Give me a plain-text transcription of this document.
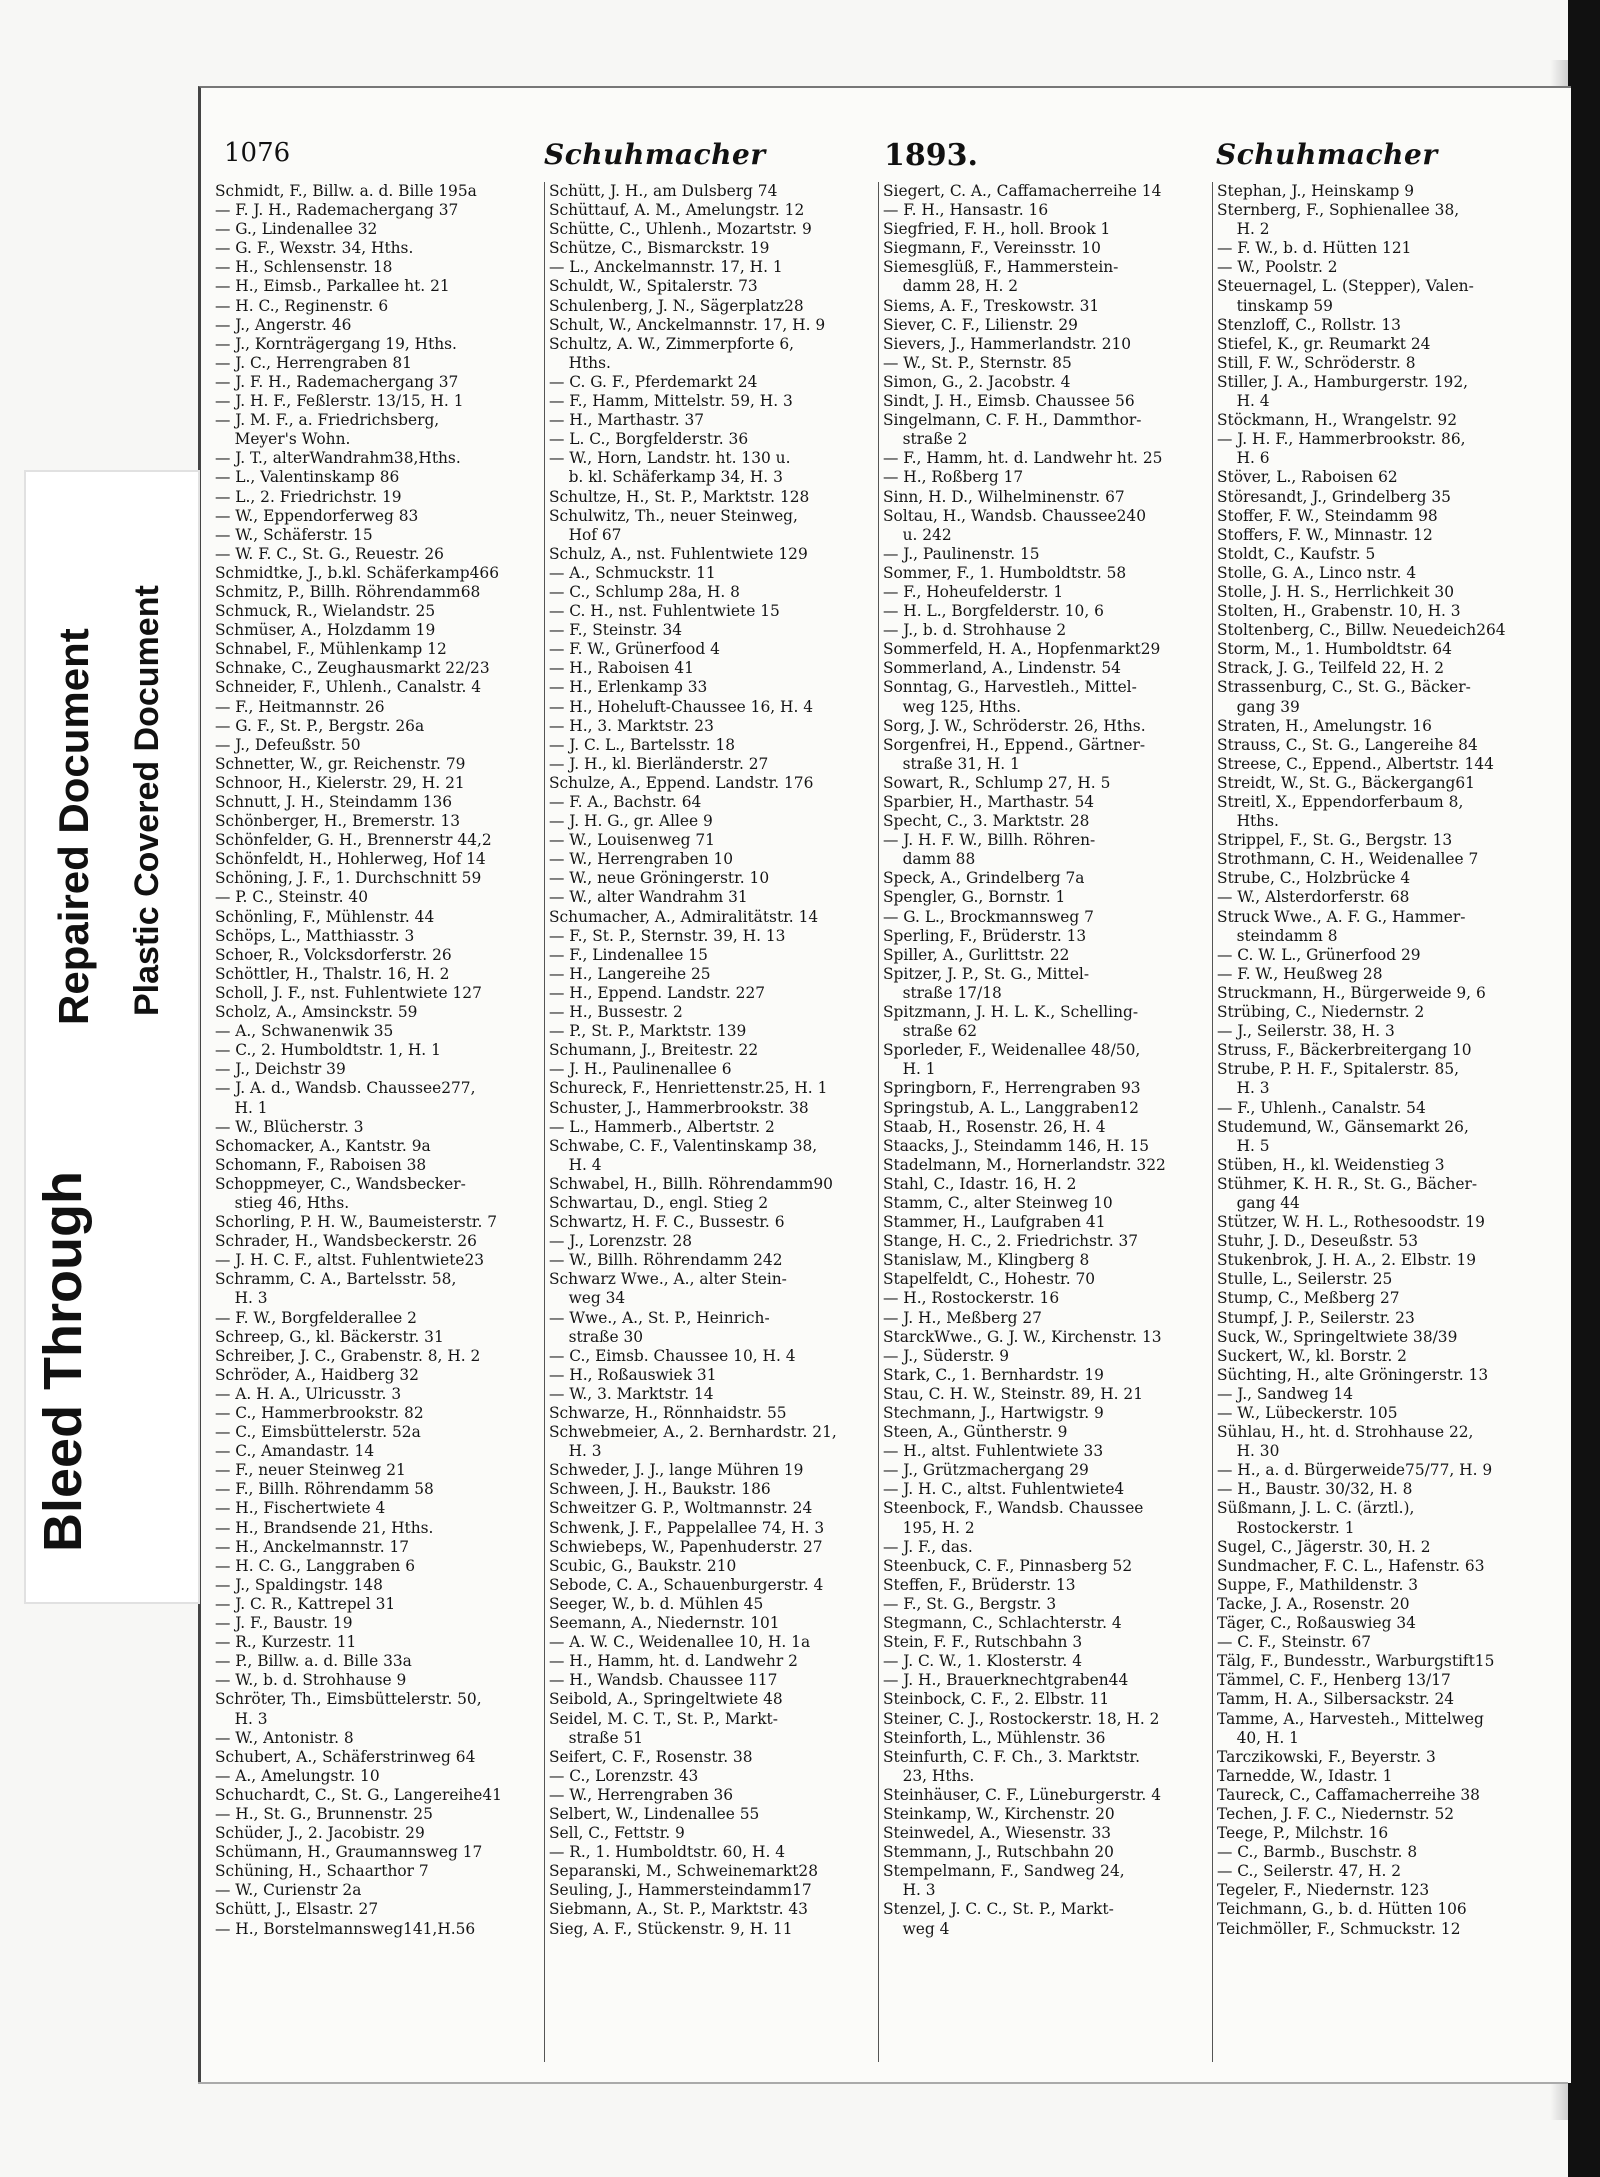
1076	Schuhmacher	1893.	Schuhmacher
Schmidt, F., Billw. a. d. Bille 195a
— F. J. H., Rademachergang 37
— G., Lindenallee 32
— G. F., Wexstr. 34, Hths.
— H., Schlensenstr. 18
— H., Eimsb., Parkallee ht. 21
— H. C., Reginenstr. 6
— J., Angerstr. 46
— J., Kornträgergang 19, Hths.
— J. C., Herrengraben 81
— J. F. H., Rademachergang 37
— J. H. F., Feßlerstr. 13/15, H. 1
— J. M. F., a. Friedrichsberg,
Meyer's Wohn.
— J. T., alterWandrahm38,Hths.
— L., Valentinskamp 86
— L., 2. Friedrichstr. 19
— W., Eppendorferweg 83
— W., Schäferstr. 15
— W. F. C., St. G., Reuestr. 26
Schmidtke, J., b.kl. Schäferkamp466
Schmitz, P., Billh. Röhrendamm68
Schmuck, R., Wielandstr. 25
Schmüser, A., Holzdamm 19
Schnabel, F., Mühlenkamp 12
Schnake, C., Zeughausmarkt 22/23
Schneider, F., Uhlenh., Canalstr. 4
— F., Heitmannstr. 26
— G. F., St. P., Bergstr. 26a
— J., Defeußstr. 50
Schnetter, W., gr. Reichenstr. 79
Schnoor, H., Kielerstr. 29, H. 21
Schnutt, J. H., Steindamm 136
Schönberger, H., Bremerstr. 13
Schönfelder, G. H., Brennerstr 44,2
Schönfeldt, H., Hohlerweg, Hof 14
Schöning, J. F., 1. Durchschnitt 59
— P. C., Steinstr. 40
Schönling, F., Mühlenstr. 44
Schöps, L., Matthiasstr. 3
Schoer, R., Volcksdorferstr. 26
Schöttler, H., Thalstr. 16, H. 2
Scholl, J. F., nst. Fuhlentwiete 127
Scholz, A., Amsinckstr. 59
— A., Schwanenwik 35
— C., 2. Humboldtstr. 1, H. 1
— J., Deichstr 39
— J. A. d., Wandsb. Chaussee277,
H. 1
— W., Blücherstr. 3
Schomacker, A., Kantstr. 9a
Schomann, F., Raboisen 38
Schoppmeyer, C., Wandsbecker-
stieg 46, Hths.
Schorling, P. H. W., Baumeisterstr. 7
Schrader, H., Wandsbeckerstr. 26
— J. H. C. F., altst. Fuhlentwiete23
Schramm, C. A., Bartelsstr. 58,
H. 3
— F. W., Borgfelderallee 2
Schreep, G., kl. Bäckerstr. 31
Schreiber, J. C., Grabenstr. 8, H. 2
Schröder, A., Haidberg 32
— A. H. A., Ulricusstr. 3
— C., Hammerbrookstr. 82
— C., Eimsbüttelerstr. 52a
— C., Amandastr. 14
— F., neuer Steinweg 21
— F., Billh. Röhrendamm 58
— H., Fischertwiete 4
— H., Brandsende 21, Hths.
— H., Anckelmannstr. 17
— H. C. G., Langgraben 6
— J., Spaldingstr. 148
— J. C. R., Kattrepel 31
— J. F., Baustr. 19
— R., Kurzestr. 11
— P., Billw. a. d. Bille 33a
— W., b. d. Strohhause 9
Schröter, Th., Eimsbüttelerstr. 50,
H. 3
— W., Antonistr. 8
Schubert, A., Schäferstrinweg 64
— A., Amelungstr. 10
Schuchardt, C., St. G., Langereihe41
— H., St. G., Brunnenstr. 25
Schüder, J., 2. Jacobistr. 29
Schümann, H., Graumannsweg 17
Schüning, H., Schaarthor 7
— W., Curienstr 2a
Schütt, J., Elsastr. 27
— H., Borstelmannsweg141,H.56
Schütt, J. H., am Dulsberg 74
Schüttauf, A. M., Amelungstr. 12
Schütte, C., Uhlenh., Mozartstr. 9
Schütze, C., Bismarckstr. 19
— L., Anckelmannstr. 17, H. 1
Schuldt, W., Spitalerstr. 73
Schulenberg, J. N., Sägerplatz28
Schult, W., Anckelmannstr. 17, H. 9
Schultz, A. W., Zimmerpforte 6,
Hths.
— C. G. F., Pferdemarkt 24
— F., Hamm, Mittelstr. 59, H. 3
— H., Marthastr. 37
— L. C., Borgfelderstr. 36
— W., Horn, Landstr. ht. 130 u.
b. kl. Schäferkamp 34, H. 3
Schultze, H., St. P., Marktstr. 128
Schulwitz, Th., neuer Steinweg,
Hof 67
Schulz, A., nst. Fuhlentwiete 129
— A., Schmuckstr. 11
— C., Schlump 28a, H. 8
— C. H., nst. Fuhlentwiete 15
— F., Steinstr. 34
— F. W., Grünerfood 4
— H., Raboisen 41
— H., Erlenkamp 33
— H., Hoheluft-Chaussee 16, H. 4
— H., 3. Marktstr. 23
— J. C. L., Bartelsstr. 18
— J. H., kl. Bierländerstr. 27
Schulze, A., Eppend. Landstr. 176
— F. A., Bachstr. 64
— J. H. G., gr. Allee 9
— W., Louisenweg 71
— W., Herrengraben 10
— W., neue Gröningerstr. 10
— W., alter Wandrahm 31
Schumacher, A., Admiralitätstr. 14
— F., St. P., Sternstr. 39, H. 13
— F., Lindenallee 15
— H., Langereihe 25
— H., Eppend. Landstr. 227
— H., Bussestr. 2
— P., St. P., Marktstr. 139
Schumann, J., Breitestr. 22
— J. H., Paulinenallee 6
Schureck, F., Henriettenstr.25, H. 1
Schuster, J., Hammerbrookstr. 38
— L., Hammerb., Albertstr. 2
Schwabe, C. F., Valentinskamp 38,
H. 4
Schwabel, H., Billh. Röhrendamm90
Schwartau, D., engl. Stieg 2
Schwartz, H. F. C., Bussestr. 6
— J., Lorenzstr. 28
— W., Billh. Röhrendamm 242
Schwarz Wwe., A., alter Stein-
weg 34
— Wwe., A., St. P., Heinrich-
straße 30
— C., Eimsb. Chaussee 10, H. 4
— H., Roßauswiek 31
— W., 3. Marktstr. 14
Schwarze, H., Rönnhaidstr. 55
Schwebmeier, A., 2. Bernhardstr. 21,
H. 3
Schweder, J. J., lange Mühren 19
Schween, J. H., Baukstr. 186
Schweitzer G. P., Woltmannstr. 24
Schwenk, J. F., Pappelallee 74, H. 3
Schwiebeps, W., Papenhuderstr. 27
Scubic, G., Baukstr. 210
Sebode, C. A., Schauenburgerstr. 4
Seeger, W., b. d. Mühlen 45
Seemann, A., Niedernstr. 101
— A. W. C., Weidenallee 10, H. 1a
— H., Hamm, ht. d. Landwehr 2
— H., Wandsb. Chaussee 117
Seibold, A., Springeltwiete 48
Seidel, M. C. T., St. P., Markt-
straße 51
Seifert, C. F., Rosenstr. 38
— C., Lorenzstr. 43
— W., Herrengraben 36
Selbert, W., Lindenallee 55
Sell, C., Fettstr. 9
— R., 1. Humboldtstr. 60, H. 4
Separanski, M., Schweinemarkt28
Seuling, J., Hammersteindamm17
Siebmann, A., St. P., Marktstr. 43
Sieg, A. F., Stückenstr. 9, H. 11
Siegert, C. A., Caffamacherreihe 14
— F. H., Hansastr. 16
Siegfried, F. H., holl. Brook 1
Siegmann, F., Vereinsstr. 10
Siemesglüß, F., Hammerstein-
damm 28, H. 2
Siems, A. F., Treskowstr. 31
Siever, C. F., Lilienstr. 29
Sievers, J., Hammerlandstr. 210
— W., St. P., Sternstr. 85
Simon, G., 2. Jacobstr. 4
Sindt, J. H., Eimsb. Chaussee 56
Singelmann, C. F. H., Dammthor-
straße 2
— F., Hamm, ht. d. Landwehr ht. 25
— H., Roßberg 17
Sinn, H. D., Wilhelminenstr. 67
Soltau, H., Wandsb. Chaussee240
u. 242
— J., Paulinenstr. 15
Sommer, F., 1. Humboldtstr. 58
— F., Hoheufelderstr. 1
— H. L., Borgfelderstr. 10, 6
— J., b. d. Strohhause 2
Sommerfeld, H. A., Hopfenmarkt29
Sommerland, A., Lindenstr. 54
Sonntag, G., Harvestleh., Mittel-
weg 125, Hths.
Sorg, J. W., Schröderstr. 26, Hths.
Sorgenfrei, H., Eppend., Gärtner-
straße 31, H. 1
Sowart, R., Schlump 27, H. 5
Sparbier, H., Marthastr. 54
Specht, C., 3. Marktstr. 28
— J. H. F. W., Billh. Röhren-
damm 88
Speck, A., Grindelberg 7a
Spengler, G., Bornstr. 1
— G. L., Brockmannsweg 7
Sperling, F., Brüderstr. 13
Spiller, A., Gurlittstr. 22
Spitzer, J. P., St. G., Mittel-
straße 17/18
Spitzmann, J. H. L. K., Schelling-
straße 62
Sporleder, F., Weidenallee 48/50,
H. 1
Springborn, F., Herrengraben 93
Springstub, A. L., Langgraben12
Staab, H., Rosenstr. 26, H. 4
Staacks, J., Steindamm 146, H. 15
Stadelmann, M., Hornerlandstr. 322
Stahl, C., Idastr. 16, H. 2
Stamm, C., alter Steinweg 10
Stammer, H., Laufgraben 41
Stange, H. C., 2. Friedrichstr. 37
Stanislaw, M., Klingberg 8
Stapelfeldt, C., Hohestr. 70
— H., Rostockerstr. 16
— J. H., Meßberg 27
StarckWwe., G. J. W., Kirchenstr. 13
— J., Süderstr. 9
Stark, C., 1. Bernhardstr. 19
Stau, C. H. W., Steinstr. 89, H. 21
Stechmann, J., Hartwigstr. 9
Steen, A., Güntherstr. 9
— H., altst. Fuhlentwiete 33
— J., Grützmachergang 29
— J. H. C., altst. Fuhlentwiete4
Steenbock, F., Wandsb. Chaussee
195, H. 2
— J. F., das.
Steenbuck, C. F., Pinnasberg 52
Steffen, F., Brüderstr. 13
— F., St. G., Bergstr. 3
Stegmann, C., Schlachterstr. 4
Stein, F. F., Rutschbahn 3
— J. C. W., 1. Klosterstr. 4
— J. H., Brauerknechtgraben44
Steinbock, C. F., 2. Elbstr. 11
Steiner, C. J., Rostockerstr. 18, H. 2
Steinforth, L., Mühlenstr. 36
Steinfurth, C. F. Ch., 3. Marktstr.
23, Hths.
Steinhäuser, C. F., Lüneburgerstr. 4
Steinkamp, W., Kirchenstr. 20
Steinwedel, A., Wiesenstr. 33
Stemmann, J., Rutschbahn 20
Stempelmann, F., Sandweg 24,
H. 3
Stenzel, J. C. C., St. P., Markt-
weg 4
Stephan, J., Heinskamp 9
Sternberg, F., Sophienallee 38,
H. 2
— F. W., b. d. Hütten 121
— W., Poolstr. 2
Steuernagel, L. (Stepper), Valen-
tinskamp 59
Stenzloff, C., Rollstr. 13
Stiefel, K., gr. Reumarkt 24
Still, F. W., Schröderstr. 8
Stiller, J. A., Hamburgerstr. 192,
H. 4
Stöckmann, H., Wrangelstr. 92
— J. H. F., Hammerbrookstr. 86,
H. 6
Stöver, L., Raboisen 62
Störesandt, J., Grindelberg 35
Stoffer, F. W., Steindamm 98
Stoffers, F. W., Minnastr. 12
Stoldt, C., Kaufstr. 5
Stolle, G. A., Linco nstr. 4
Stolle, J. H. S., Herrlichkeit 30
Stolten, H., Grabenstr. 10, H. 3
Stoltenberg, C., Billw. Neuedeich264
Storm, M., 1. Humboldtstr. 64
Strack, J. G., Teilfeld 22, H. 2
Strassenburg, C., St. G., Bäcker-
gang 39
Straten, H., Amelungstr. 16
Strauss, C., St. G., Langereihe 84
Streese, C., Eppend., Albertstr. 144
Streidt, W., St. G., Bäckergang61
Streitl, X., Eppendorferbaum 8,
Hths.
Strippel, F., St. G., Bergstr. 13
Strothmann, C. H., Weidenallee 7
Strube, C., Holzbrücke 4
— W., Alsterdorferstr. 68
Struck Wwe., A. F. G., Hammer-
steindamm 8
— C. W. L., Grünerfood 29
— F. W., Heußweg 28
Struckmann, H., Bürgerweide 9, 6
Strübing, C., Niedernstr. 2
— J., Seilerstr. 38, H. 3
Struss, F., Bäckerbreitergang 10
Strube, P. H. F., Spitalerstr. 85,
H. 3
— F., Uhlenh., Canalstr. 54
Studemund, W., Gänsemarkt 26,
H. 5
Stüben, H., kl. Weidenstieg 3
Stühmer, K. H. R., St. G., Bächer-
gang 44
Stützer, W. H. L., Rothesoodstr. 19
Stuhr, J. D., Deseußstr. 53
Stukenbrok, J. H. A., 2. Elbstr. 19
Stulle, L., Seilerstr. 25
Stump, C., Meßberg 27
Stumpf, J. P., Seilerstr. 23
Suck, W., Springeltwiete 38/39
Suckert, W., kl. Borstr. 2
Süchting, H., alte Gröningerstr. 13
— J., Sandweg 14
— W., Lübeckerstr. 105
Sühlau, H., ht. d. Strohhause 22,
H. 30
— H., a. d. Bürgerweide75/77, H. 9
— H., Baustr. 30/32, H. 8
Süßmann, J. L. C. (ärztl.),
Rostockerstr. 1
Sugel, C., Jägerstr. 30, H. 2
Sundmacher, F. C. L., Hafenstr. 63
Suppe, F., Mathildenstr. 3
Tacke, J. A., Rosenstr. 20
Täger, C., Roßauswieg 34
— C. F., Steinstr. 67
Tälg, F., Bundesstr., Warburgstift15
Tämmel, C. F., Henberg 13/17
Tamm, H. A., Silbersackstr. 24
Tamme, A., Harvesteh., Mittelweg
40, H. 1
Tarczikowski, F., Beyerstr. 3
Tarnedde, W., Idastr. 1
Taureck, C., Caffamacherreihe 38
Techen, J. F. C., Niedernstr. 52
Teege, P., Milchstr. 16
— C., Barmb., Buschstr. 8
— C., Seilerstr. 47, H. 2
Tegeler, F., Niedernstr. 123
Teichmann, G., b. d. Hütten 106
Teichmöller, F., Schmuckstr. 12
Bleed Through
Repaired Document Plastic Covered Document
